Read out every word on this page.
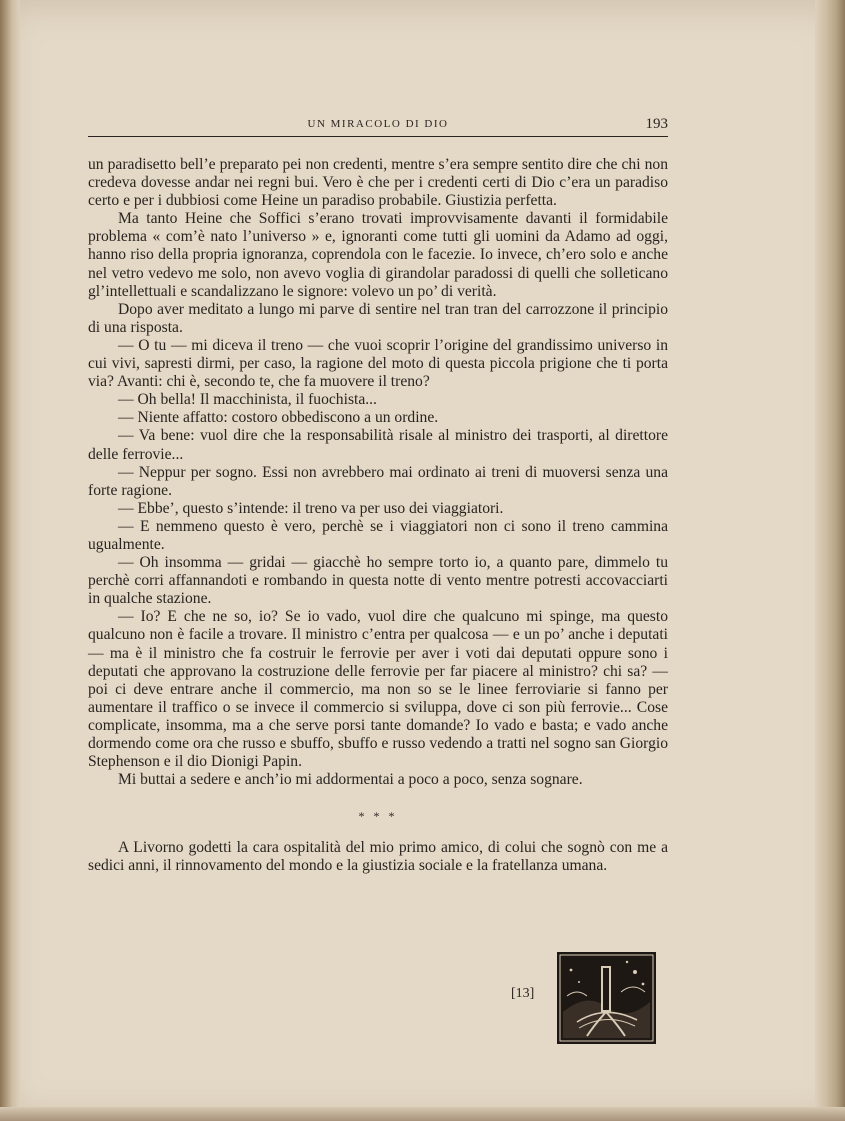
UN MIRACOLO DI DIO	193

un paradisetto bell’e preparato pei non credenti, mentre s’era sempre sentito dire che chi non credeva dovesse andar nei regni bui. Vero è che per i credenti certi di Dio c’era un paradiso certo e per i dubbiosi come Heine un paradiso probabile. Giustizia perfetta.

Ma tanto Heine che Soffici s’erano trovati improvvisamente davanti il formidabile problema « com’è nato l’universo » e, ignoranti come tutti gli uomini da Adamo ad oggi, hanno riso della propria ignoranza, coprendola con le facezie. Io invece, ch’ero solo e anche nel vetro vedevo me solo, non avevo voglia di girandolar paradossi di quelli che solleticano gl’intellettuali e scandalizzano le signore: volevo un po’ di verità.

Dopo aver meditato a lungo mi parve di sentire nel tran tran del carrozzone il principio di una risposta.

— O tu — mi diceva il treno — che vuoi scoprir l’origine del grandissimo universo in cui vivi, sapresti dirmi, per caso, la ragione del moto di questa piccola prigione che ti porta via? Avanti: chi è, secondo te, che fa muovere il treno?

— Oh bella! Il macchinista, il fuochista...

— Niente affatto: costoro obbediscono a un ordine.

— Va bene: vuol dire che la responsabilità risale al ministro dei trasporti, al direttore delle ferrovie...

— Neppur per sogno. Essi non avrebbero mai ordinato ai treni di muoversi senza una forte ragione.

— Ebbe’, questo s’intende: il treno va per uso dei viaggiatori.

— E nemmeno questo è vero, perchè se i viaggiatori non ci sono il treno cammina ugualmente.

— Oh insomma — gridai — giacchè ho sempre torto io, a quanto pare, dimmelo tu perchè corri affannandoti e rombando in questa notte di vento mentre potresti accovacciarti in qualche stazione.

— Io? E che ne so, io? Se io vado, vuol dire che qualcuno mi spinge, ma questo qualcuno non è facile a trovare. Il ministro c’entra per qualcosa — e un po’ anche i deputati — ma è il ministro che fa costruir le ferrovie per aver i voti dai deputati oppure sono i deputati che approvano la costruzione delle ferrovie per far piacere al ministro? chi sa? — poi ci deve entrare anche il commercio, ma non so se le linee ferroviarie si fanno per aumentare il traffico o se invece il commercio si sviluppa, dove ci son più ferrovie... Cose complicate, insomma, ma a che serve porsi tante domande? Io vado e basta; e vado anche dormendo come ora che russo e sbuffo, sbuffo e russo vedendo a tratti nel sogno san Giorgio Stephenson e il dio Dionigi Papin.

Mi buttai a sedere e anch’io mi addormentai a poco a poco, senza sognare.

* * *

A Livorno godetti la cara ospitalità del mio primo amico, di colui che sognò con me a sedici anni, il rinnovamento del mondo e la giustizia sociale e la fratellanza umana.

[13]
